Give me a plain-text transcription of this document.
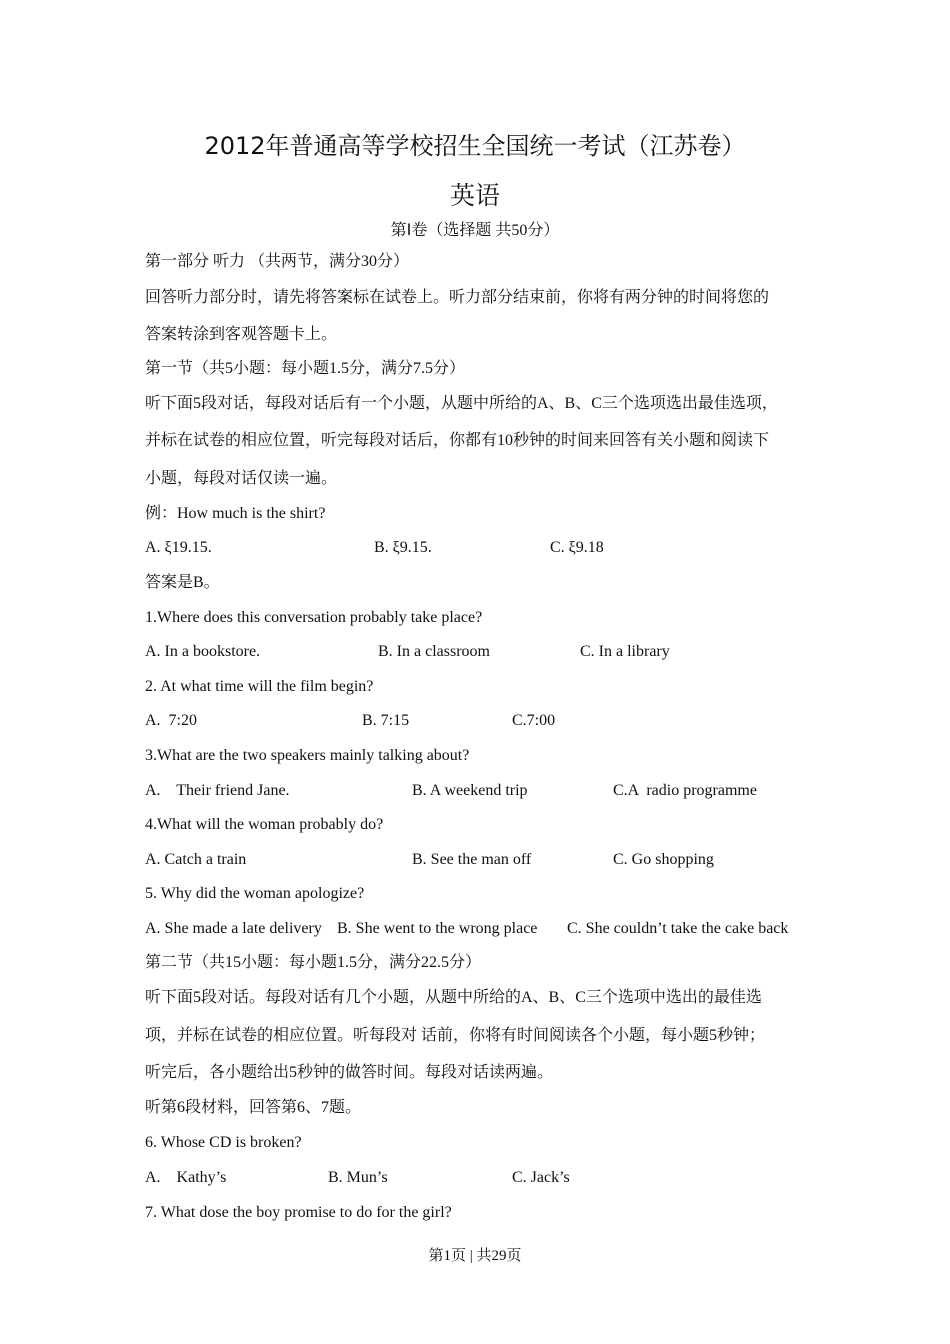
2012年普通高等学校招生全国统一考试（江苏卷）
英语
第Ⅰ卷（选择题 共50分）
第一部分 听力 （共两节，满分30分）
回答听力部分时，请先将答案标在试卷上。听力部分结束前，你将有两分钟的时间将您的
答案转涂到客观答题卡上。
第一节（共5小题：每小题1.5分，满分7.5分）
听下面5段对话，每段对话后有一个小题，从题中所给的A、B、C三个选项选出最佳选项，
并标在试卷的相应位置，听完每段对话后，你都有10秒钟的时间来回答有关小题和阅读下
小题，每段对话仅读一遍。
例：How much is the shirt?
A. ξ19.15.	B. ξ9.15.	C. ξ9.18
答案是B。
1.Where does this conversation probably take place?
A. In a bookstore.	B. In a classroom	C. In a library
2. At what time will the film begin?
A.  7:20	B. 7:15	C.7:00
3.What are the two speakers mainly talking about?
A.    Their friend Jane.	B. A weekend trip	C.A  radio programme
4.What will the woman probably do?
A. Catch a train	B. See the man off	C. Go shopping
5. Why did the woman apologize?
A. She made a late delivery B. She went to the wrong place C. She couldn’t take the cake back
第二节（共15小题：每小题1.5分，满分22.5分）
听下面5段对话。每段对话有几个小题，从题中所给的A、B、C三个选项中选出的最佳选
项，并标在试卷的相应位置。听每段对 话前，你将有时间阅读各个小题，每小题5秒钟；
听完后，各小题给出5秒钟的做答时间。每段对话读两遍。
听第6段材料，回答第6、7题。
6. Whose CD is broken?
A.    Kathy’s	B. Mun’s	C. Jack’s
7. What dose the boy promise to do for the girl?
第1页 | 共29页
